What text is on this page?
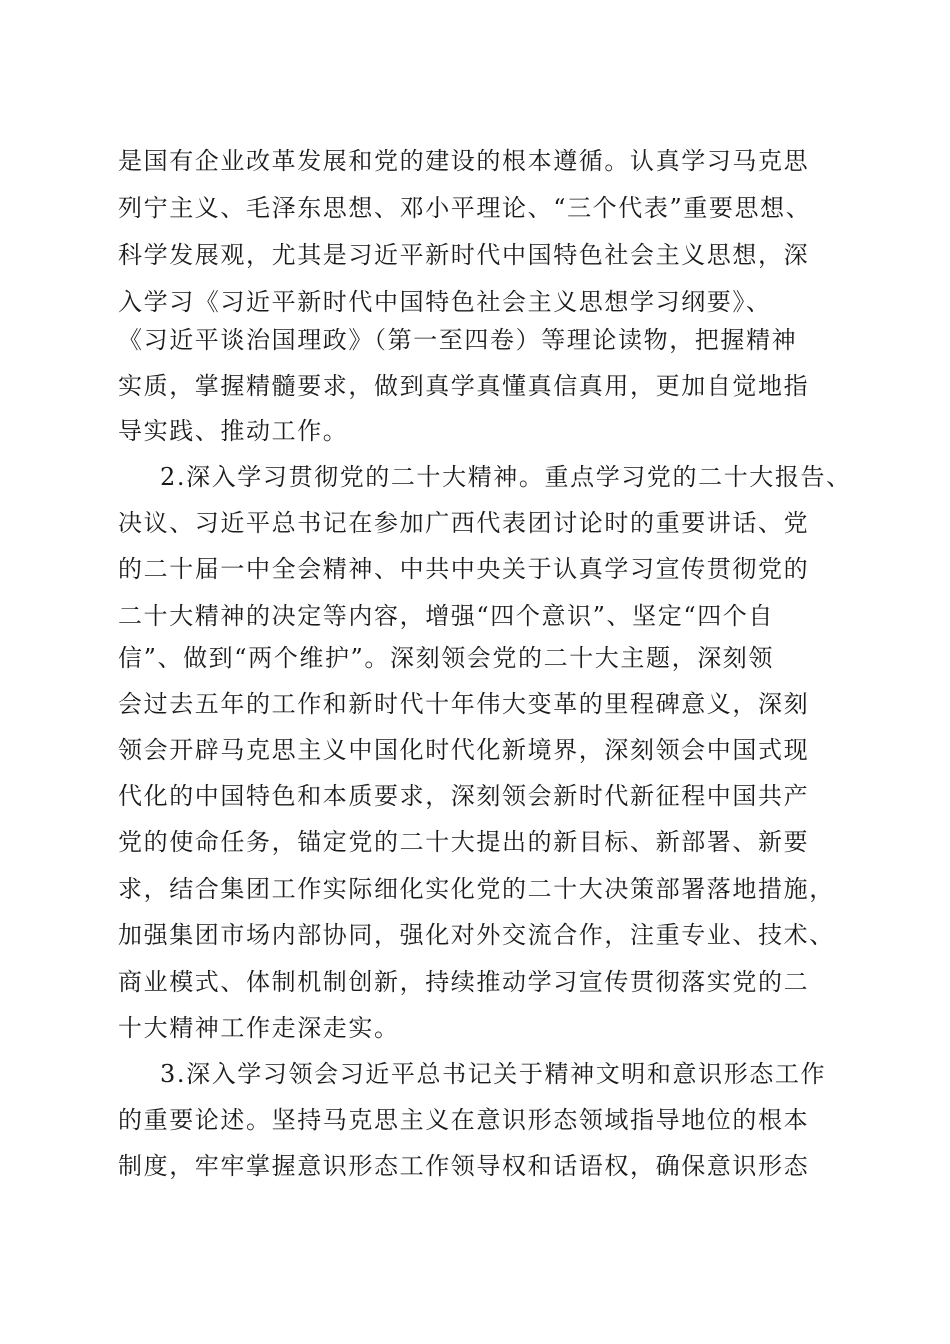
是国有企业改革发展和党的建设的根本遵循。认真学习马克思
列宁主义、毛泽东思想、邓小平理论、“三个代表”重要思想、
科学发展观，尤其是习近平新时代中国特色社会主义思想，深
入学习《习近平新时代中国特色社会主义思想学习纲要》、
《习近平谈治国理政》（第一至四卷）等理论读物，把握精神
实质，掌握精髓要求，做到真学真懂真信真用，更加自觉地指
导实践、推动工作。
2.深入学习贯彻党的二十大精神。重点学习党的二十大报告、
决议、习近平总书记在参加广西代表团讨论时的重要讲话、党
的二十届一中全会精神、中共中央关于认真学习宣传贯彻党的
二十大精神的决定等内容，增强“四个意识”、坚定“四个自
信”、做到“两个维护”。深刻领会党的二十大主题，深刻领
会过去五年的工作和新时代十年伟大变革的里程碑意义，深刻
领会开辟马克思主义中国化时代化新境界，深刻领会中国式现
代化的中国特色和本质要求，深刻领会新时代新征程中国共产
党的使命任务，锚定党的二十大提出的新目标、新部署、新要
求，结合集团工作实际细化实化党的二十大决策部署落地措施，
加强集团市场内部协同，强化对外交流合作，注重专业、技术、
商业模式、体制机制创新，持续推动学习宣传贯彻落实党的二
十大精神工作走深走实。
3.深入学习领会习近平总书记关于精神文明和意识形态工作
的重要论述。坚持马克思主义在意识形态领域指导地位的根本
制度，牢牢掌握意识形态工作领导权和话语权，确保意识形态
